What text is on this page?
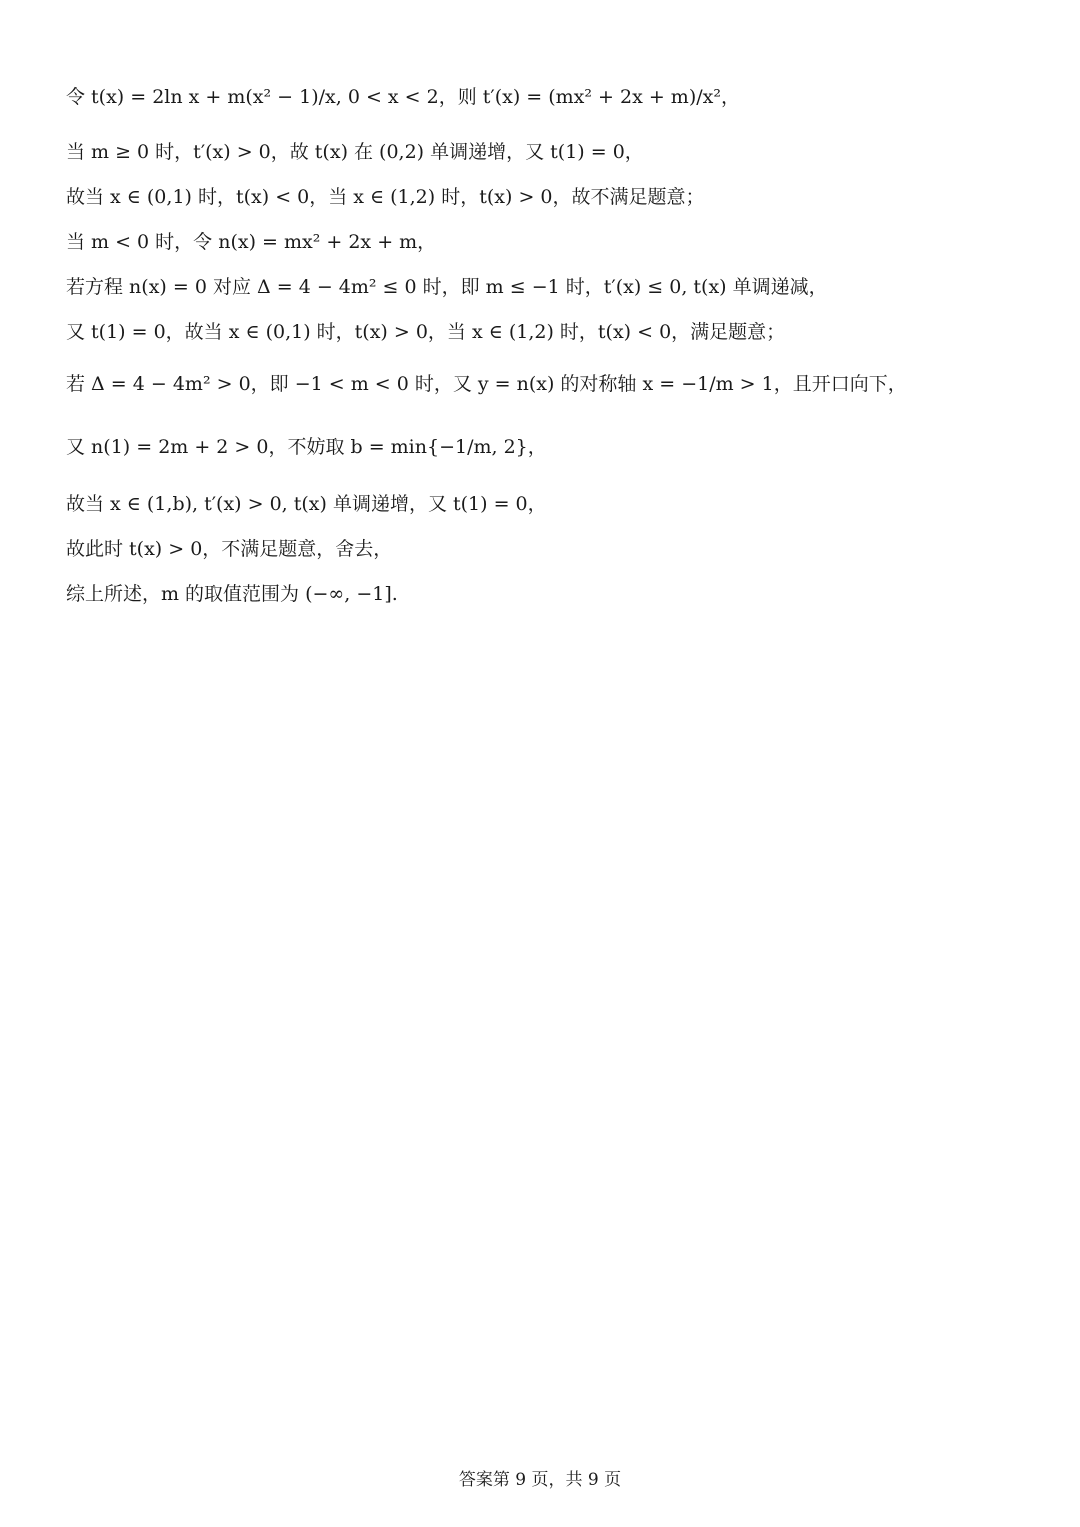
令 t(x) = 2ln x + m(x² − 1)/x, 0 < x < 2，则 t′(x) = (mx² + 2x + m)/x²，
当 m ≥ 0 时，t′(x) > 0，故 t(x) 在 (0,2) 单调递增，又 t(1) = 0，
故当 x ∈ (0,1) 时，t(x) < 0，当 x ∈ (1,2) 时，t(x) > 0，故不满足题意；
当 m < 0 时，令 n(x) = mx² + 2x + m，
若方程 n(x) = 0 对应 Δ = 4 − 4m² ≤ 0 时，即 m ≤ −1 时，t′(x) ≤ 0, t(x) 单调递减，
又 t(1) = 0，故当 x ∈ (0,1) 时，t(x) > 0，当 x ∈ (1,2) 时，t(x) < 0，满足题意；
若 Δ = 4 − 4m² > 0，即 −1 < m < 0 时，又 y = n(x) 的对称轴 x = −1/m > 1，且开口向下，
又 n(1) = 2m + 2 > 0，不妨取 b = min{−1/m, 2}，
故当 x ∈ (1,b), t′(x) > 0, t(x) 单调递增，又 t(1) = 0，
故此时 t(x) > 0，不满足题意，舍去，
综上所述，m 的取值范围为 (−∞, −1].
答案第 9 页，共 9 页
